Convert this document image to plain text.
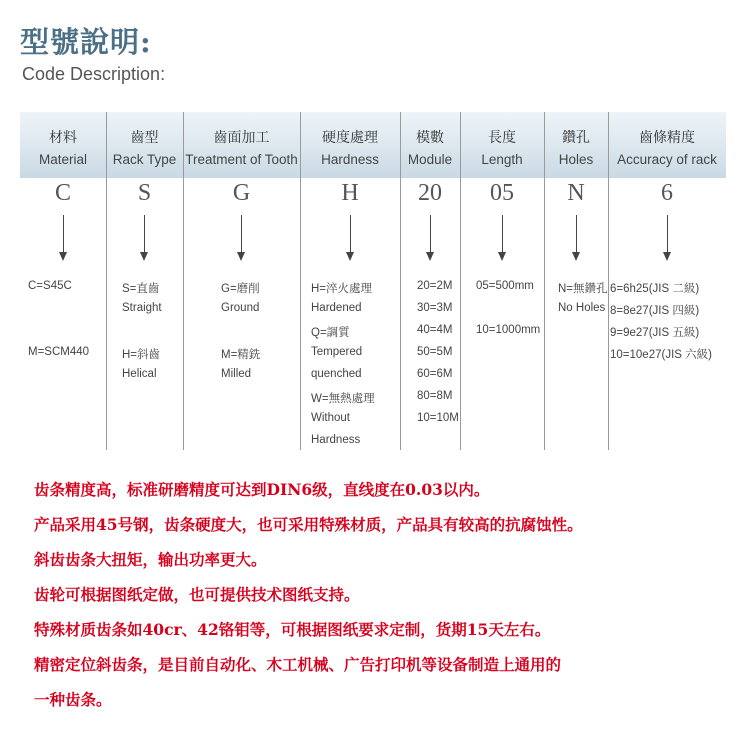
型號說明:
Code Description:
材料
Material
C
C=S45C
M=SCM440
齒型
Rack Type
S
S=直齒
Straight
H=斜齒
Helical
齒面加工
Treatment of Tooth
G
G=磨削
Ground
M=精銑
Milled
硬度處理
Hardness
H
H=淬火處理
Hardened
Q=調質
Tempered
quenched
W=無熱處理
Without
Hardness
模數
Module
20
20=2M
30=3M
40=4M
50=5M
60=6M
80=8M
10=10M
長度
Length
05
05=500mm
10=1000mm
鑽孔
Holes
N
N=無鑽孔
No Holes
齒條精度
Accuracy of rack
6
6=6h25(JIS 二級)
8=8e27(JIS 四級)
9=9e27(JIS 五級)
10=10e27(JIS 六級)
齿条精度高，标准研磨精度可达到DIN6级，直线度在0.03以内。
产品采用45号钢，齿条硬度大，也可采用特殊材质，产品具有较高的抗腐蚀性。
斜齿齿条大扭矩，输出功率更大。
齿轮可根据图纸定做，也可提供技术图纸支持。
特殊材质齿条如40cr、42铬钼等，可根据图纸要求定制，货期15天左右。
精密定位斜齿条，是目前自动化、木工机械、广告打印机等设备制造上通用的
一种齿条。
